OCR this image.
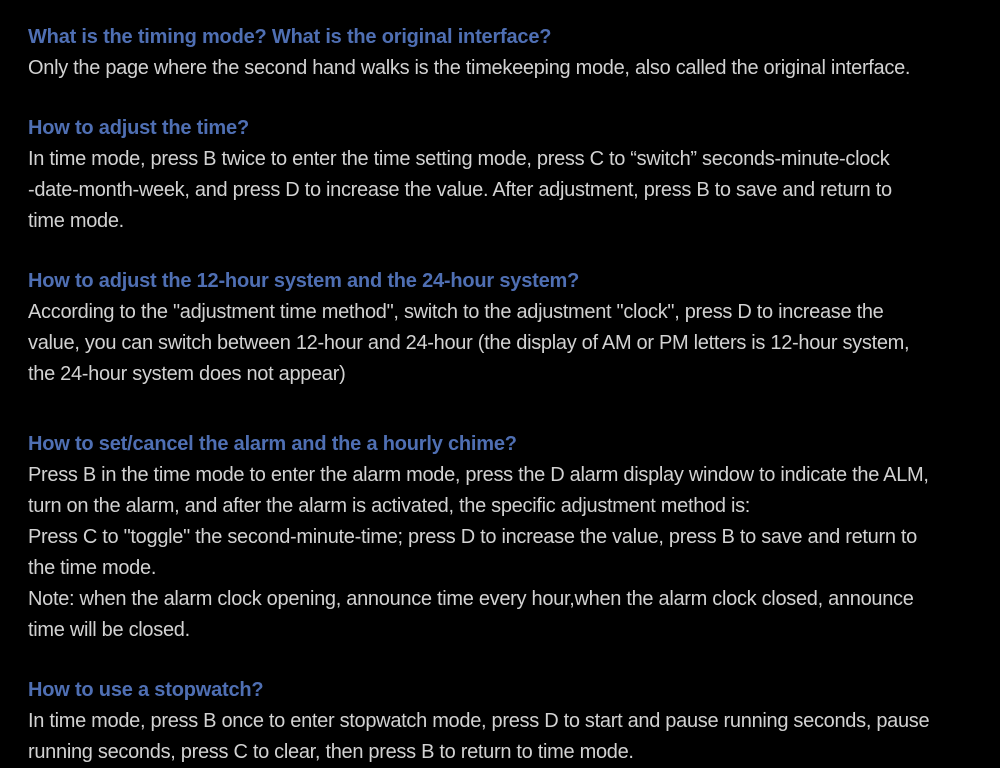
What is the timing mode? What is the original interface?
Only the page where the second hand walks is the timekeeping mode, also called the original interface.
How to adjust the time?
In time mode, press B twice to enter the time setting mode, press C to “switch” seconds-minute-clock
-date-month-week, and press D to increase the value. After adjustment, press B to save and return to
time mode.
How to adjust the 12-hour system and the 24-hour system?
According to the "adjustment time method", switch to the adjustment "clock", press D to increase the
value, you can switch between 12-hour and 24-hour (the display of AM or PM letters is 12-hour system,
the 24-hour system does not appear)
How to set/cancel the alarm and the a hourly chime?
Press B in the time mode to enter the alarm mode, press the D alarm display window to indicate the ALM,
turn on the alarm, and after the alarm is activated, the specific adjustment method is:
Press C to "toggle" the second-minute-time; press D to increase the value, press B to save and return to
the time mode.
Note: when the alarm clock opening, announce time every hour,when the alarm clock closed, announce
time will be closed.
How to use a stopwatch?
In time mode, press B once to enter stopwatch mode, press D to start and pause running seconds, pause
running seconds, press C to clear, then press B to return to time mode.
